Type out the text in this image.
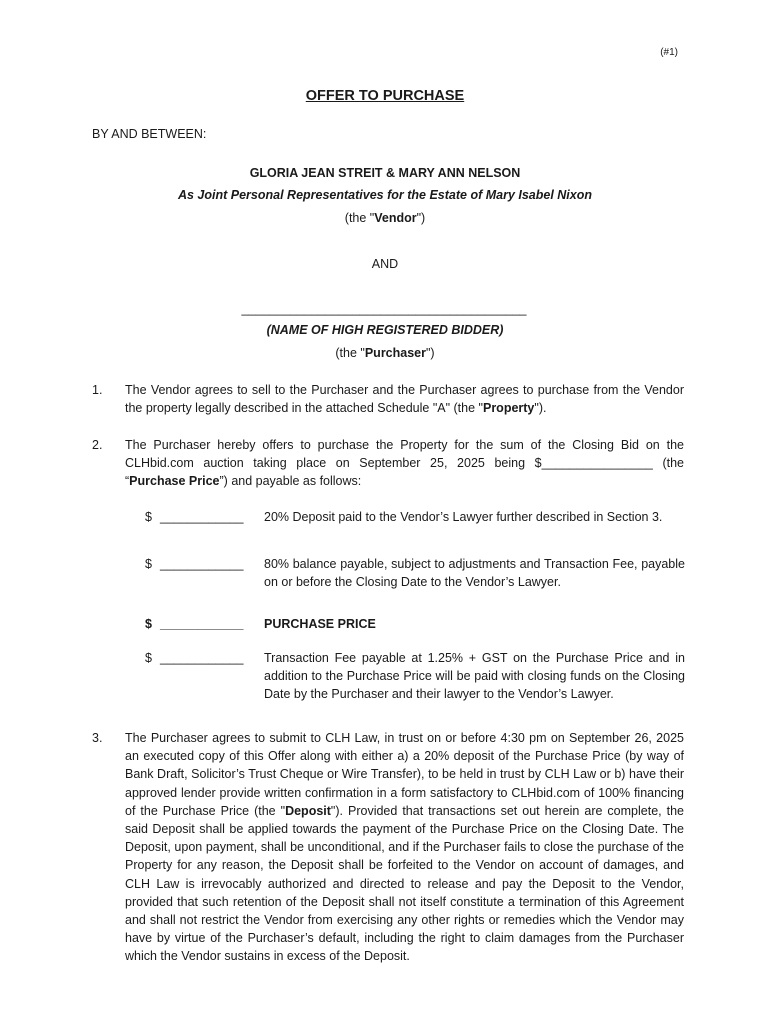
(#1)
OFFER TO PURCHASE
BY AND BETWEEN:
GLORIA JEAN STREIT & MARY ANN NELSON
As Joint Personal Representatives for the Estate of Mary Isabel Nixon
(the "Vendor")
AND
_________________________________________
(NAME OF HIGH REGISTERED BIDDER)
(the "Purchaser")
1. The Vendor agrees to sell to the Purchaser and the Purchaser agrees to purchase from the Vendor the property legally described in the attached Schedule "A" (the "Property").
2. The Purchaser hereby offers to purchase the Property for the sum of the Closing Bid on the CLHbid.com auction taking place on September 25, 2025 being $________________ (the “Purchase Price”) and payable as follows:
$ ____________ 20% Deposit paid to the Vendor’s Lawyer further described in Section 3.
$ ____________ 80% balance payable, subject to adjustments and Transaction Fee, payable on or before the Closing Date to the Vendor’s Lawyer.
$ ____________ PURCHASE PRICE
$ ____________ Transaction Fee payable at 1.25% + GST on the Purchase Price and in addition to the Purchase Price will be paid with closing funds on the Closing Date by the Purchaser and their lawyer to the Vendor’s Lawyer.
3. The Purchaser agrees to submit to CLH Law, in trust on or before 4:30 pm on September 26, 2025 an executed copy of this Offer along with either a) a 20% deposit of the Purchase Price (by way of Bank Draft, Solicitor’s Trust Cheque or Wire Transfer), to be held in trust by CLH Law or b) have their approved lender provide written confirmation in a form satisfactory to CLHbid.com of 100% financing of the Purchase Price (the "Deposit"). Provided that transactions set out herein are complete, the said Deposit shall be applied towards the payment of the Purchase Price on the Closing Date. The Deposit, upon payment, shall be unconditional, and if the Purchaser fails to close the purchase of the Property for any reason, the Deposit shall be forfeited to the Vendor on account of damages, and CLH Law is irrevocably authorized and directed to release and pay the Deposit to the Vendor, provided that such retention of the Deposit shall not itself constitute a termination of this Agreement and shall not restrict the Vendor from exercising any other rights or remedies which the Vendor may have by virtue of the Purchaser’s default, including the right to claim damages from the Purchaser which the Vendor sustains in excess of the Deposit.
